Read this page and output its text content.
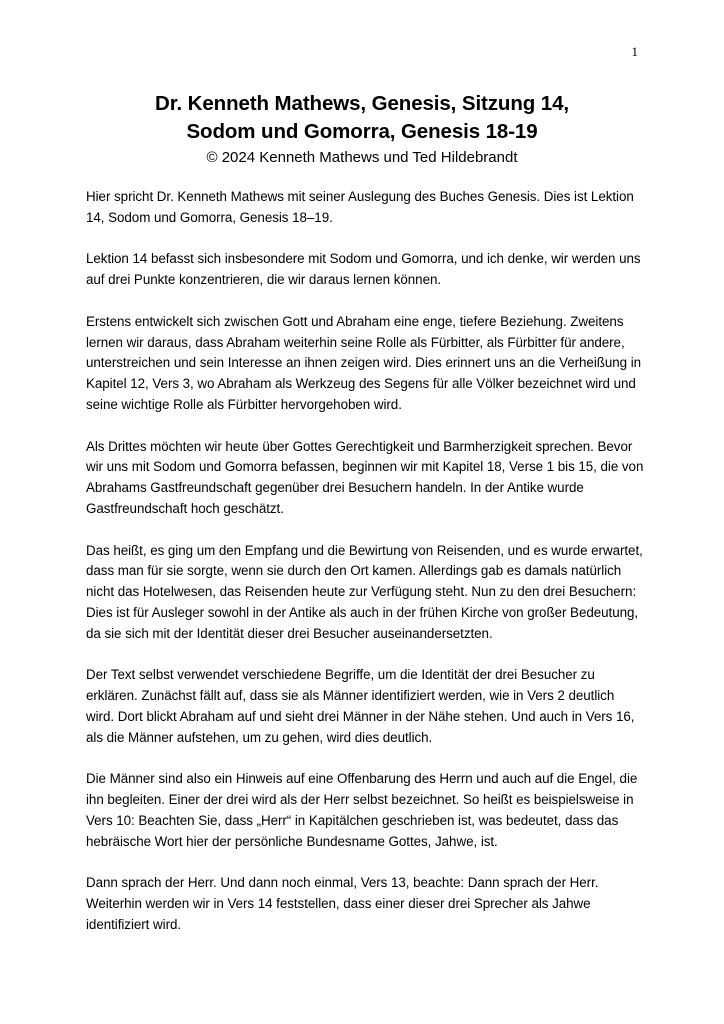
1
Dr. Kenneth Mathews, Genesis, Sitzung 14,
Sodom und Gomorra, Genesis 18-19
© 2024 Kenneth Mathews und Ted Hildebrandt

Hier spricht Dr. Kenneth Mathews mit seiner Auslegung des Buches Genesis. Dies ist Lektion 14, Sodom und Gomorra, Genesis 18–19.

Lektion 14 befasst sich insbesondere mit Sodom und Gomorra, und ich denke, wir werden uns auf drei Punkte konzentrieren, die wir daraus lernen können.

Erstens entwickelt sich zwischen Gott und Abraham eine enge, tiefere Beziehung. Zweitens lernen wir daraus, dass Abraham weiterhin seine Rolle als Fürbitter, als Fürbitter für andere, unterstreichen und sein Interesse an ihnen zeigen wird. Dies erinnert uns an die Verheißung in Kapitel 12, Vers 3, wo Abraham als Werkzeug des Segens für alle Völker bezeichnet wird und seine wichtige Rolle als Fürbitter hervorgehoben wird.

Als Drittes möchten wir heute über Gottes Gerechtigkeit und Barmherzigkeit sprechen. Bevor wir uns mit Sodom und Gomorra befassen, beginnen wir mit Kapitel 18, Verse 1 bis 15, die von Abrahams Gastfreundschaft gegenüber drei Besuchern handeln. In der Antike wurde Gastfreundschaft hoch geschätzt.

Das heißt, es ging um den Empfang und die Bewirtung von Reisenden, und es wurde erwartet, dass man für sie sorgte, wenn sie durch den Ort kamen. Allerdings gab es damals natürlich nicht das Hotelwesen, das Reisenden heute zur Verfügung steht. Nun zu den drei Besuchern: Dies ist für Ausleger sowohl in der Antike als auch in der frühen Kirche von großer Bedeutung, da sie sich mit der Identität dieser drei Besucher auseinandersetzten.

Der Text selbst verwendet verschiedene Begriffe, um die Identität der drei Besucher zu erklären. Zunächst fällt auf, dass sie als Männer identifiziert werden, wie in Vers 2 deutlich wird. Dort blickt Abraham auf und sieht drei Männer in der Nähe stehen. Und auch in Vers 16, als die Männer aufstehen, um zu gehen, wird dies deutlich.

Die Männer sind also ein Hinweis auf eine Offenbarung des Herrn und auch auf die Engel, die ihn begleiten. Einer der drei wird als der Herr selbst bezeichnet. So heißt es beispielsweise in Vers 10: Beachten Sie, dass „Herr“ in Kapitälchen geschrieben ist, was bedeutet, dass das hebräische Wort hier der persönliche Bundesname Gottes, Jahwe, ist.

Dann sprach der Herr. Und dann noch einmal, Vers 13, beachte: Dann sprach der Herr. Weiterhin werden wir in Vers 14 feststellen, dass einer dieser drei Sprecher als Jahwe identifiziert wird.
